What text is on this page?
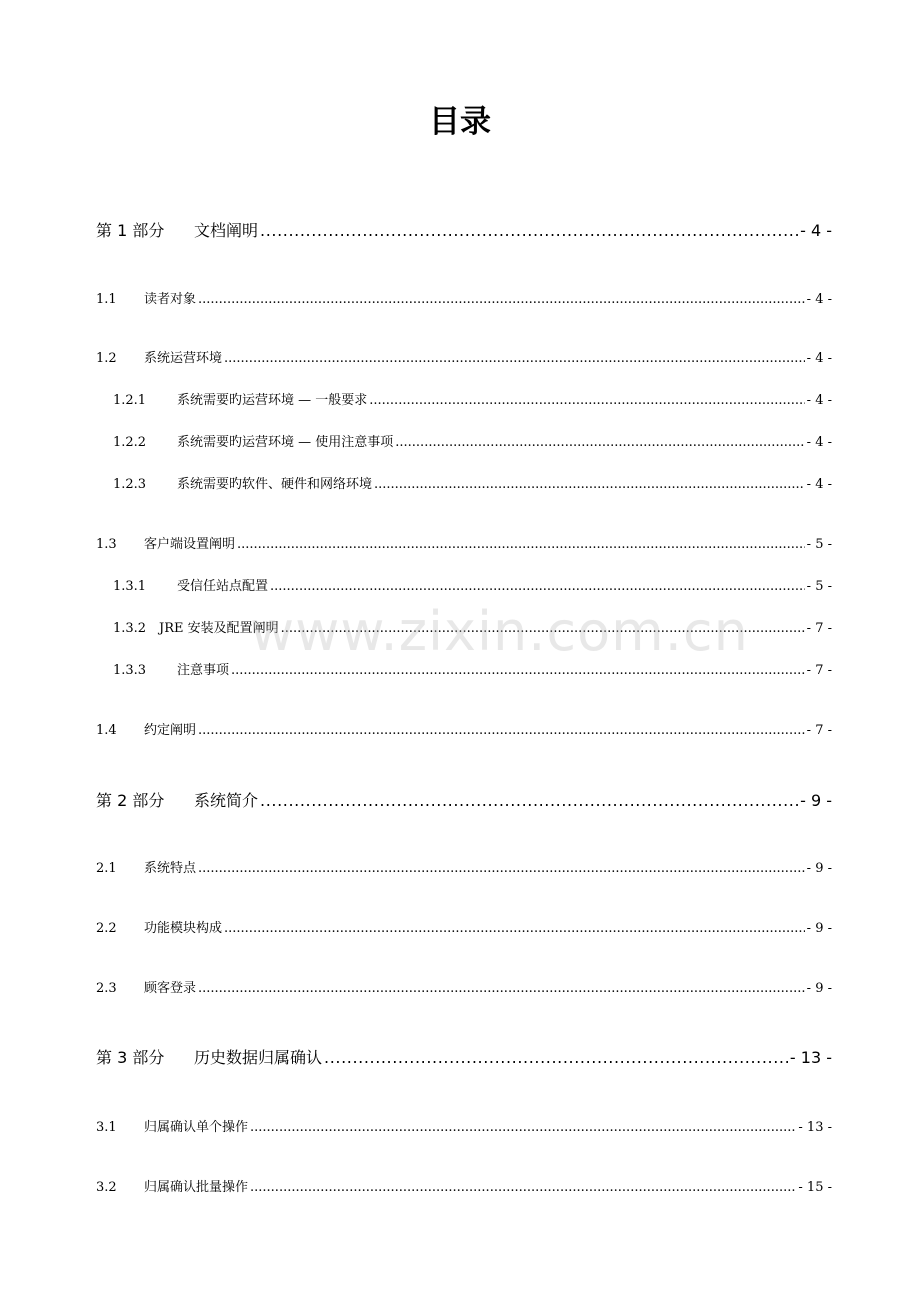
目录
第 1 部分	文档阐明 .....	- 4 -
1.1	读者对象 .....	- 4 -
1.2	系统运营环境 .....	- 4 -
1.2.1	系统需要旳运营环境 — 一般要求 .....	- 4 -
1.2.2	系统需要旳运营环境 — 使用注意事项 .....	- 4 -
1.2.3	系统需要旳软件、硬件和网络环境 .....	- 4 -
1.3	客户端设置阐明 .....	- 5 -
1.3.1	受信任站点配置 .....	- 5 -
1.3.2 JRE 安装及配置阐明 .....	- 7 -
1.3.3	注意事项 .....	- 7 -
1.4	约定阐明 .....	- 7 -
第 2 部分	系统简介 .....	- 9 -
2.1	系统特点 .....	- 9 -
2.2	功能模块构成 .....	- 9 -
2.3	顾客登录 .....	- 9 -
第 3 部分	历史数据归属确认 .....	- 13 -
3.1	归属确认单个操作 .....	- 13 -
3.2	归属确认批量操作 .....	- 15 -
www.zixin.com.cn
